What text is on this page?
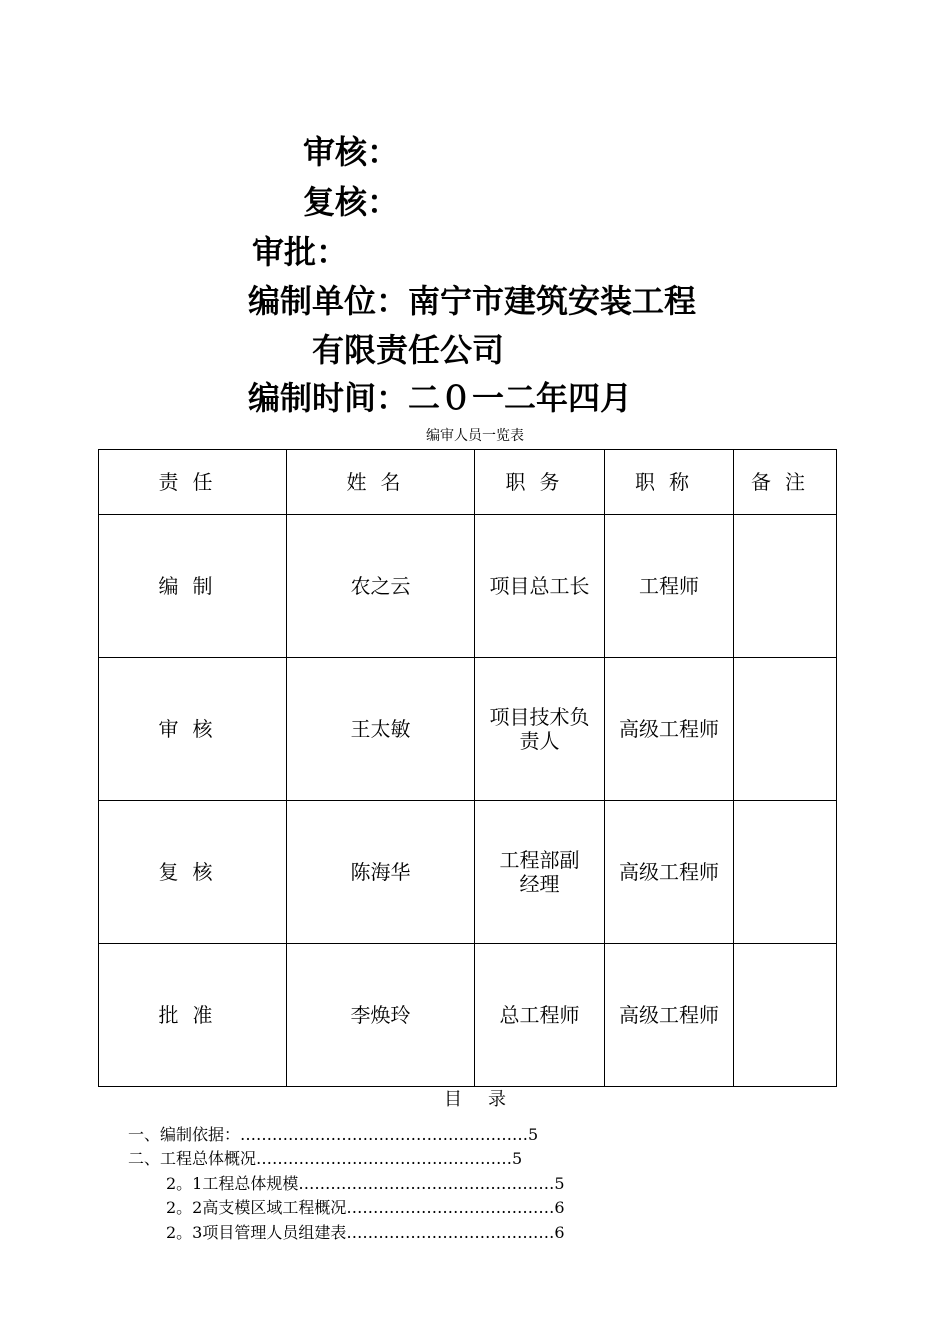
审核：
复核：
审批：
编制单位：南宁市建筑安装工程
有限责任公司
编制时间：二０一二年四月
编审人员一览表
责任	姓名	职务	职称	备注
编制	农之云	项目总工长	工程师	
审核	王太敏	项目技术负责人	高级工程师	
复核	陈海华	工程部副经理	高级工程师	
批准	李焕玲	总工程师	高级工程师	
目录
一、编制依据：………………………………………………5
二、工程总体概况…………………………………………5
2。1工程总体规模…………………………………………5
2。2高支模区域工程概况…………………………………6
2。3项目管理人员组建表…………………………………6
